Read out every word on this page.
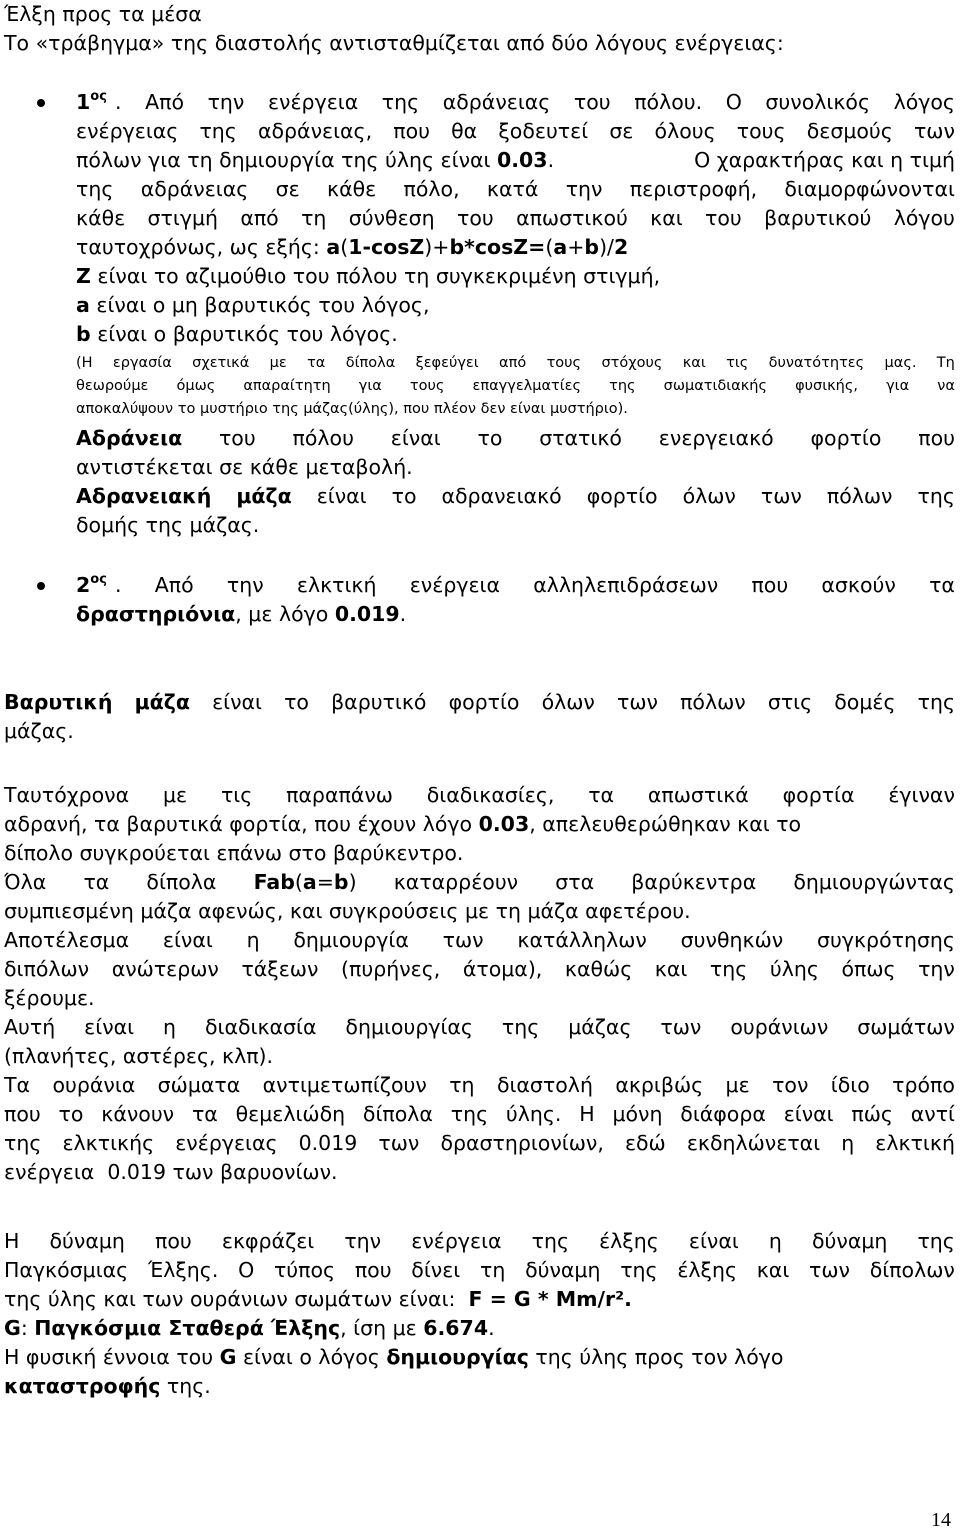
Έλξη προς τα μέσα
Το «τράβηγμα» της διαστολής αντισταθμίζεται από δύο λόγους ενέργειας:
$1^{o\varsigma}$ . Από την ενέργεια της αδράνειας του πόλου. Ο συνολικός λόγος
ενέργειας της αδράνειας, που θα ξοδευτεί σε όλους τους δεσμούς των
πόλων για τη δημιουργία της ύλης είναι 0.03.	Ο χαρακτήρας και η τιμή
της αδράνειας σε κάθε πόλο, κατά την περιστροφή, διαμορφώνονται
κάθε στιγμή από τη σύνθεση του απωστικού και του βαρυτικού λόγου
ταυτοχρόνως, ως εξής: a(1-cosZ)+b*cosZ=(a+b)/2
Z είναι το αζιμούθιο του πόλου τη συγκεκριμένη στιγμή,
a είναι ο μη βαρυτικός του λόγος,
b είναι ο βαρυτικός του λόγος.
(Η εργασία σχετικά με τα δίπολα ξεφεύγει από τους στόχους και τις δυνατότητες μας. Τη
θεωρούμε όμως απαραίτητη για τους επαγγελματίες της σωματιδιακής φυσικής, για να
αποκαλύψουν το μυστήριο της μάζας(ύλης), που πλέον δεν είναι μυστήριο).
Αδράνεια του πόλου είναι το στατικό ενεργειακό φορτίο που
αντιστέκεται σε κάθε μεταβολή.
Αδρανειακή μάζα είναι το αδρανειακό φορτίο όλων των πόλων της
δομής της μάζας.
$2^{o\varsigma}$ . Από την ελκτική ενέργεια αλληλεπιδράσεων που ασκούν τα
δραστηριόνια, με λόγο 0.019.
Βαρυτική μάζα είναι το βαρυτικό φορτίο όλων των πόλων στις δομές της
μάζας.
Ταυτόχρονα με τις παραπάνω διαδικασίες, τα απωστικά φορτία έγιναν
αδρανή, τα βαρυτικά φορτία, που έχουν λόγο 0.03, απελευθερώθηκαν και το
δίπολο συγκρούεται επάνω στο βαρύκεντρο.
Όλα τα δίπολα Fab(a=b) καταρρέουν στα βαρύκεντρα δημιουργώντας
συμπιεσμένη μάζα αφενώς, και συγκρούσεις με τη μάζα αφετέρου.
Αποτέλεσμα είναι η δημιουργία των κατάλληλων συνθηκών συγκρότησης
διπόλων ανώτερων τάξεων (πυρήνες, άτομα), καθώς και της ύλης όπως την
ξέρουμε.
Αυτή είναι η διαδικασία δημιουργίας της μάζας των ουράνιων σωμάτων
(πλανήτες, αστέρες, κλπ).
Τα ουράνια σώματα αντιμετωπίζουν τη διαστολή ακριβώς με τον ίδιο τρόπο
που το κάνουν τα θεμελιώδη δίπολα της ύλης. Η μόνη διάφορα είναι πώς αντί
της ελκτικής ενέργειας 0.019 των δραστηριονίων, εδώ εκδηλώνεται η ελκτική
ενέργεια  0.019 των βαρυονίων.
Η δύναμη που εκφράζει την ενέργεια της έλξης είναι η δύναμη της
Παγκόσμιας Έλξης. Ο τύπος που δίνει τη δύναμη της έλξης και των δίπολων
της ύλης και των ουράνιων σωμάτων είναι:  F = G * Mm/r².
G: Παγκόσμια Σταθερά Έλξης, ίση με 6.674.
Η φυσική έννοια του G είναι ο λόγος δημιουργίας της ύλης προς τον λόγο
καταστροφής της.
14
